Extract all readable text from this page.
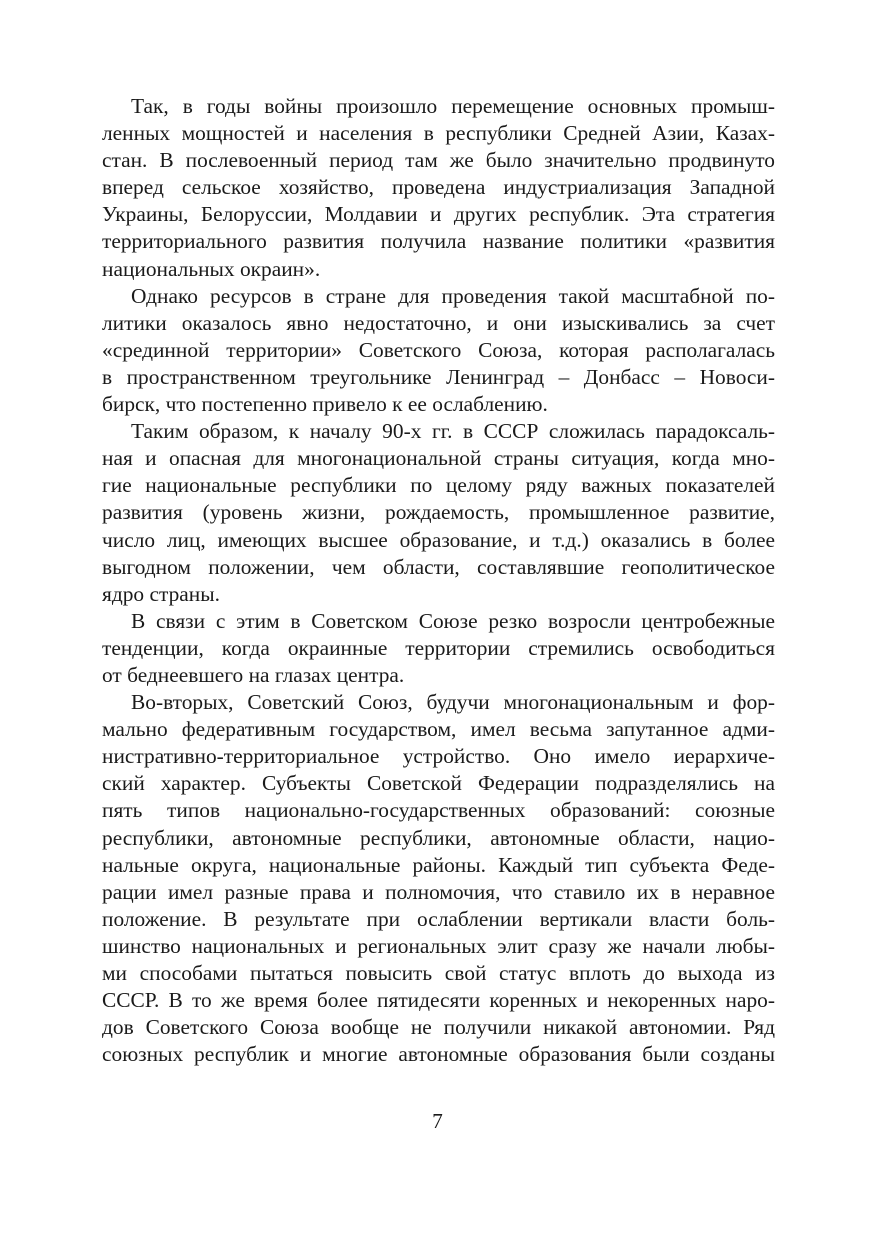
Так, в годы войны произошло перемещение основных промыш-
ленных мощностей и населения в республики Средней Азии, Казах-
стан. В послевоенный период там же было значительно продвинуто
вперед сельское хозяйство, проведена индустриализация Западной
Украины, Белоруссии, Молдавии и других республик. Эта стратегия
территориального развития получила название политики «развития
национальных окраин».
Однако ресурсов в стране для проведения такой масштабной по-
литики оказалось явно недостаточно, и они изыскивались за счет
«срединной территории» Советского Союза, которая располагалась
в пространственном треугольнике Ленинград – Донбасс – Новоси-
бирск, что постепенно привело к ее ослаблению.
Таким образом, к началу 90-х гг. в СССР сложилась парадоксаль-
ная и опасная для многонациональной страны ситуация, когда мно-
гие национальные республики по целому ряду важных показателей
развития (уровень жизни, рождаемость, промышленное развитие,
число лиц, имеющих высшее образование, и т.д.) оказались в более
выгодном положении, чем области, составлявшие геополитическое
ядро страны.
В связи с этим в Советском Союзе резко возросли центробежные
тенденции, когда окраинные территории стремились освободиться
от беднеевшего на глазах центра.
Во-вторых, Советский Союз, будучи многонациональным и фор-
мально федеративным государством, имел весьма запутанное адми-
нистративно-территориальное устройство. Оно имело иерархиче-
ский характер. Субъекты Советской Федерации подразделялись на
пять типов национально-государственных образований: союзные
республики, автономные республики, автономные области, нацио-
нальные округа, национальные районы. Каждый тип субъекта Феде-
рации имел разные права и полномочия, что ставило их в неравное
положение. В результате при ослаблении вертикали власти боль-
шинство национальных и региональных элит сразу же начали любы-
ми способами пытаться повысить свой статус вплоть до выхода из
СССР. В то же время более пятидесяти коренных и некоренных наро-
дов Советского Союза вообще не получили никакой автономии. Ряд
союзных республик и многие автономные образования были созданы
7
